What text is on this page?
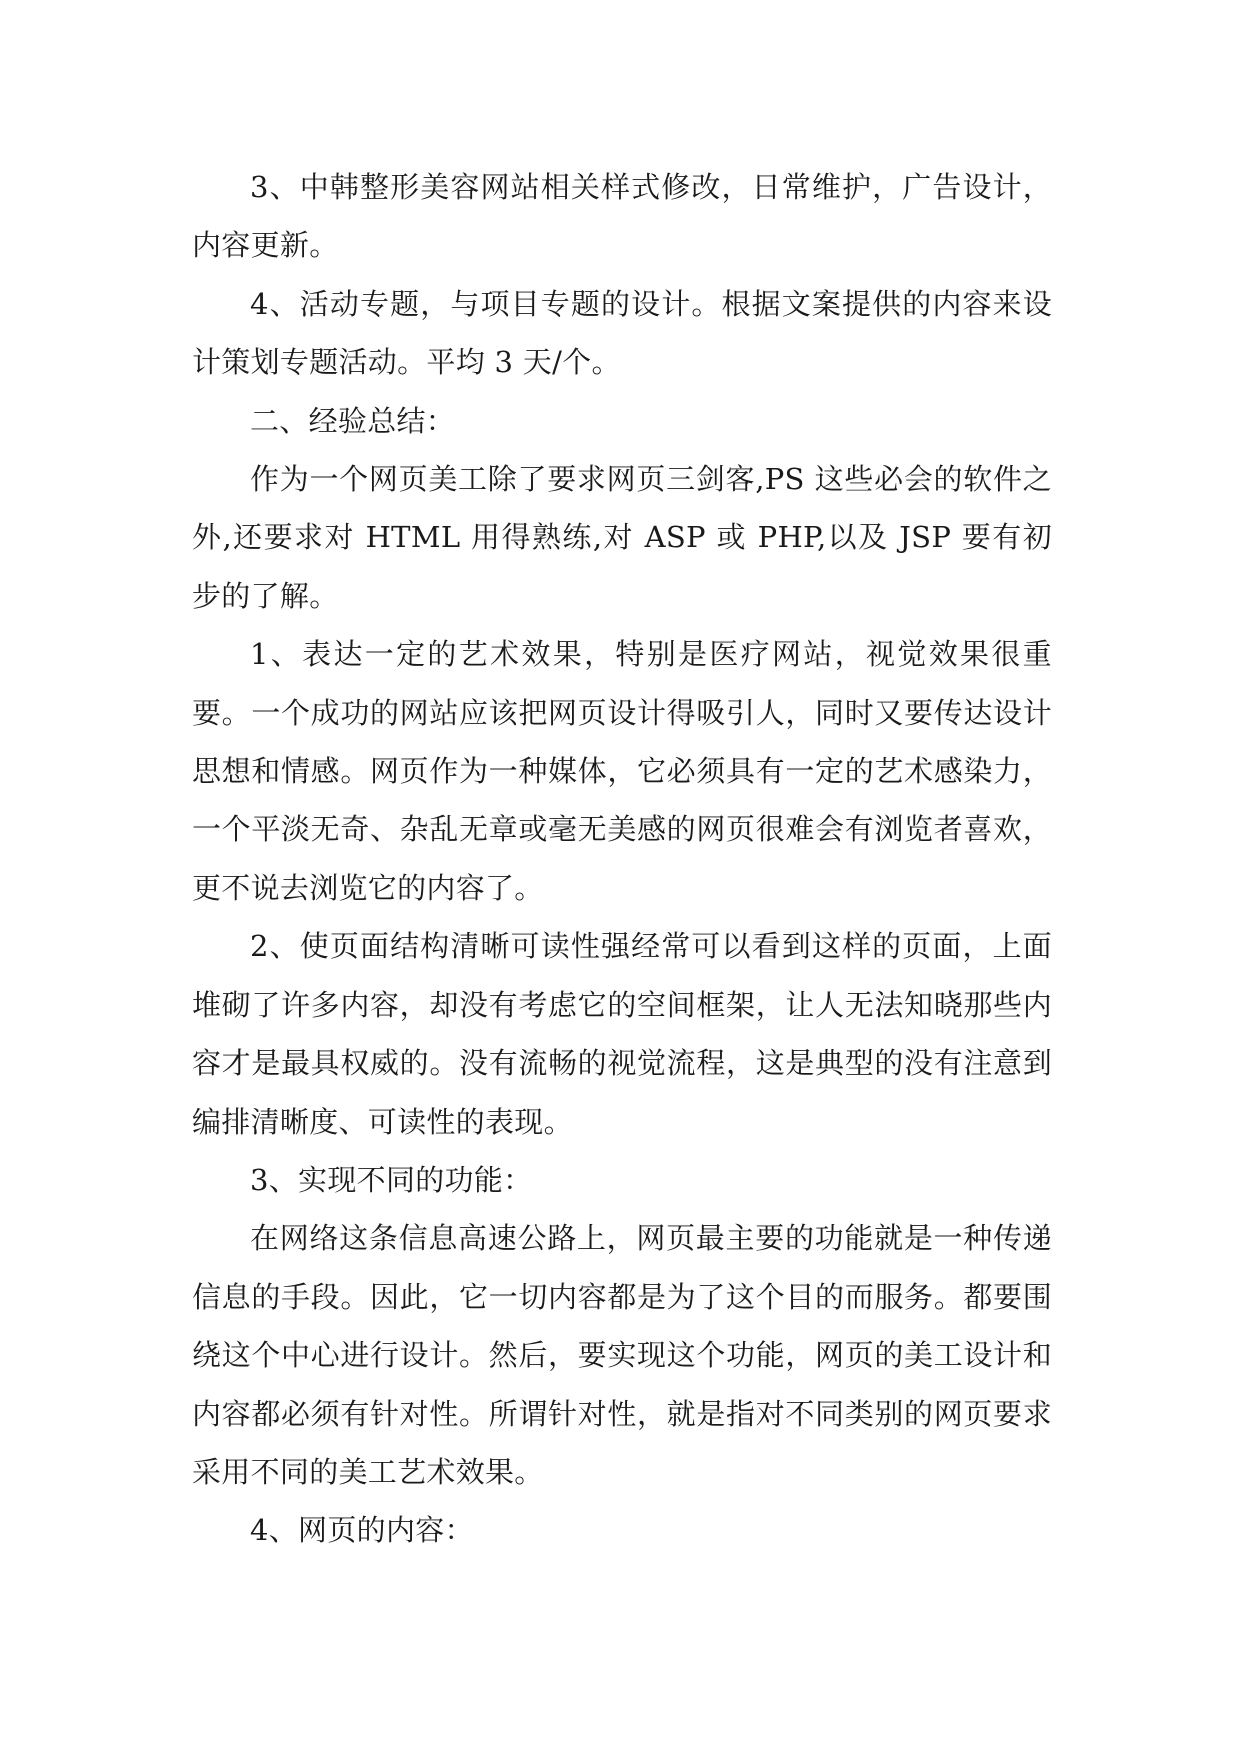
3、中韩整形美容网站相关样式修改，日常维护，广告设计，内容更新。

4、活动专题，与项目专题的设计。根据文案提供的内容来设计策划专题活动。平均 3 天/个。

二、经验总结：

作为一个网页美工除了要求网页三剑客,PS 这些必会的软件之外,还要求对 HTML 用得熟练,对 ASP 或 PHP,以及 JSP 要有初步的了解。

1、表达一定的艺术效果，特别是医疗网站，视觉效果很重要。一个成功的网站应该把网页设计得吸引人，同时又要传达设计思想和情感。网页作为一种媒体，它必须具有一定的艺术感染力，一个平淡无奇、杂乱无章或毫无美感的网页很难会有浏览者喜欢，更不说去浏览它的内容了。

2、使页面结构清晰可读性强经常可以看到这样的页面，上面堆砌了许多内容，却没有考虑它的空间框架，让人无法知晓那些内容才是最具权威的。没有流畅的视觉流程，这是典型的没有注意到编排清晰度、可读性的表现。

3、实现不同的功能：

在网络这条信息高速公路上，网页最主要的功能就是一种传递信息的手段。因此，它一切内容都是为了这个目的而服务。都要围绕这个中心进行设计。然后，要实现这个功能，网页的美工设计和内容都必须有针对性。所谓针对性，就是指对不同类别的网页要求采用不同的美工艺术效果。

4、网页的内容：
